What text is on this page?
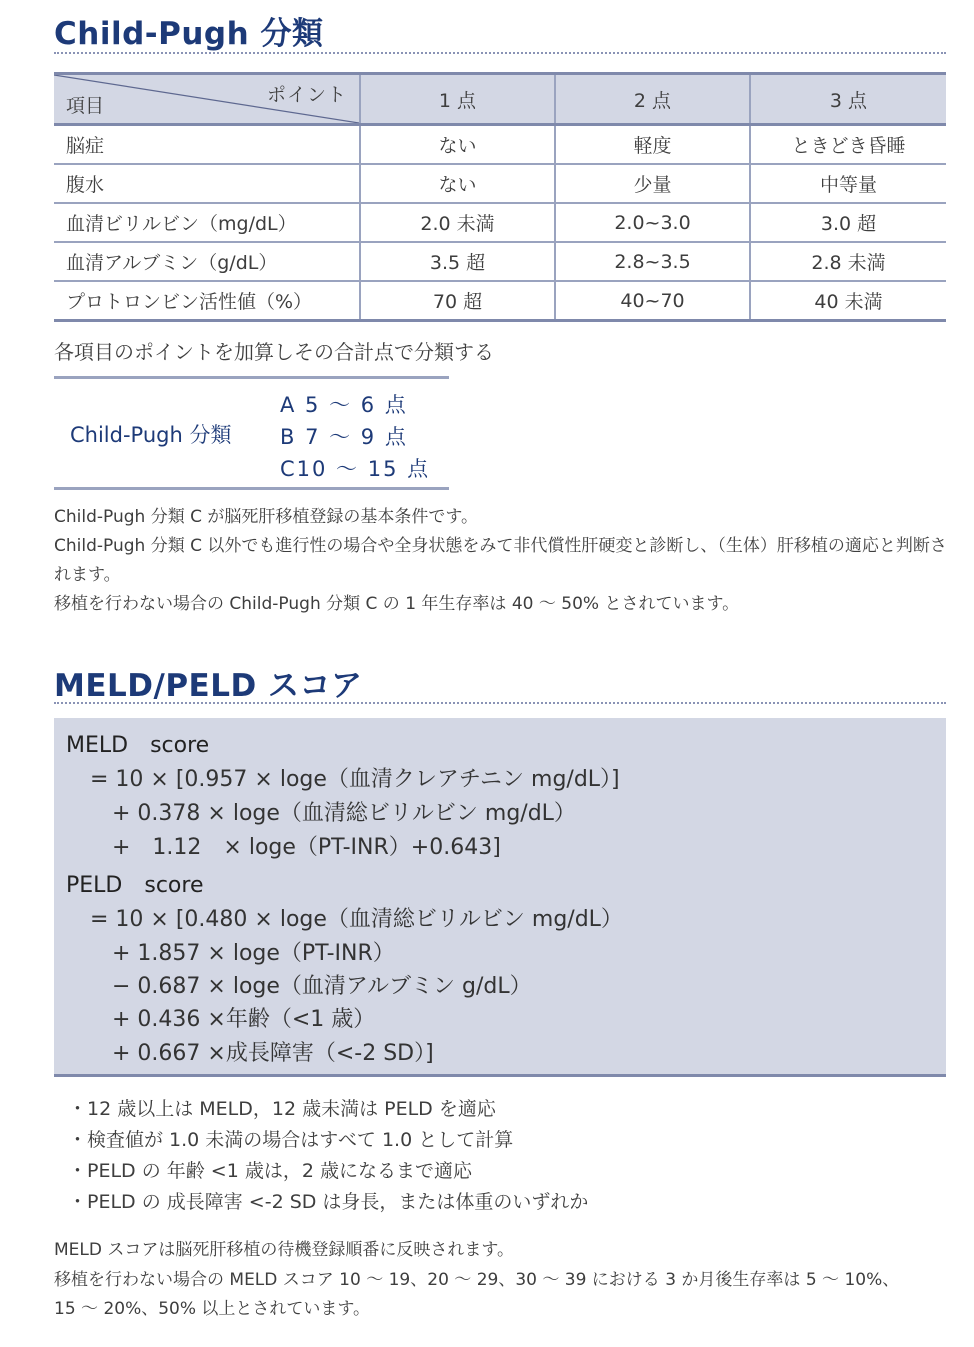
Child-Pugh 分類
項目 ポイント	1 点	2 点	3 点
脳症	ない	軽度	ときどき昏睡
腹水	ない	少量	中等量
血清ビリルビン（mg/dL）	2.0 未満	2.0~3.0	3.0 超
血清アルブミン（g/dL）	3.5 超	2.8~3.5	2.8 未満
プロトロンビン活性値（%）	70 超	40~70	40 未満
各項目のポイントを加算しその合計点で分類する
Child-Pugh 分類
A 5 〜 6 点
B 7 〜 9 点
C10 〜 15 点
Child-Pugh 分類 C が脳死肝移植登録の基本条件です。
Child-Pugh 分類 C 以外でも進行性の場合や全身状態をみて非代償性肝硬変と診断し、（生体）肝移植の適応と判断されます。
移植を行わない場合の Child-Pugh 分類 C の 1 年生存率は 40 〜 50% とされています。
MELD/PELD スコア
MELD　score
= 10 × [0.957 × loge（血清クレアチニン mg/dL）]
+ 0.378 × loge（血清総ビリルビン mg/dL）
+　1.12　× loge（PT-INR）+0.643]
PELD　score
= 10 × [0.480 × loge（血清総ビリルビン mg/dL）
+ 1.857 × loge（PT-INR）
− 0.687 × loge（血清アルブミン g/dL）
+ 0.436 ×年齢（<1 歳）
+ 0.667 ×成長障害（<-2 SD）]
・12 歳以上は MELD，12 歳未満は PELD を適応
・検査値が 1.0 未満の場合はすべて 1.0 として計算
・PELD の 年齢 <1 歳は，2 歳になるまで適応
・PELD の 成長障害 <-2 SD は身長，または体重のいずれか
MELD スコアは脳死肝移植の待機登録順番に反映されます。
移植を行わない場合の MELD スコア 10 〜 19、20 〜 29、30 〜 39 における 3 か月後生存率は 5 〜 10%、
15 〜 20%、50% 以上とされています。
